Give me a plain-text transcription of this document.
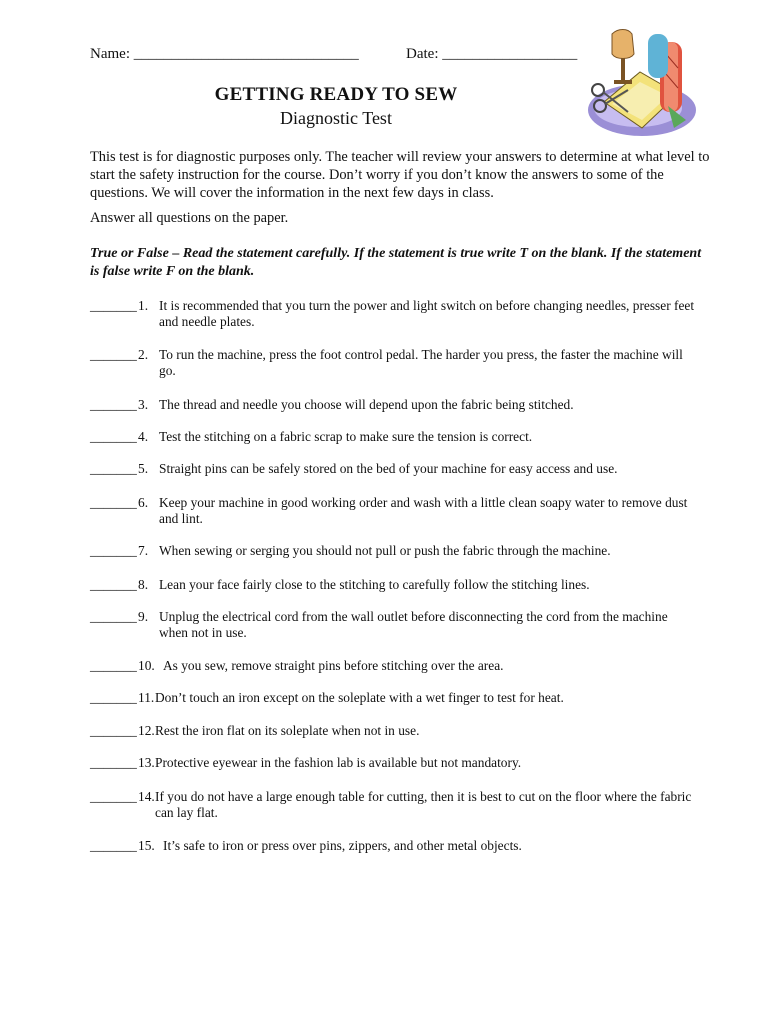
Name: ______________________________	Date: __________________
GETTING READY TO SEW
Diagnostic Test

This test is for diagnostic purposes only. The teacher will review your answers to determine at what level to start the safety instruction for the course. Don’t worry if you don’t know the answers to some of the questions. We will cover the information in the next few days in class.

Answer all questions on the paper.

True or False – Read the statement carefully. If the statement is true write T on the blank. If the statement is false write F on the blank.

_______ 1. It is recommended that you turn the power and light switch on before changing needles, presser feet and needle plates.
_______ 2. To run the machine, press the foot control pedal. The harder you press, the faster the machine will go.
_______ 3. The thread and needle you choose will depend upon the fabric being stitched.
_______ 4. Test the stitching on a fabric scrap to make sure the tension is correct.
_______ 5. Straight pins can be safely stored on the bed of your machine for easy access and use.
_______ 6. Keep your machine in good working order and wash with a little clean soapy water to remove dust and lint.
_______ 7. When sewing or serging you should not pull or push the fabric through the machine.
_______ 8. Lean your face fairly close to the stitching to carefully follow the stitching lines.
_______ 9. Unplug the electrical cord from the wall outlet before disconnecting the cord from the machine when not in use.
_______ 10. As you sew, remove straight pins before stitching over the area.
_______ 11. Don’t touch an iron except on the soleplate with a wet finger to test for heat.
_______ 12. Rest the iron flat on its soleplate when not in use.
_______ 13. Protective eyewear in the fashion lab is available but not mandatory.
_______ 14. If you do not have a large enough table for cutting, then it is best to cut on the floor where the fabric can lay flat.
_______ 15. It’s safe to iron or press over pins, zippers, and other metal objects.
